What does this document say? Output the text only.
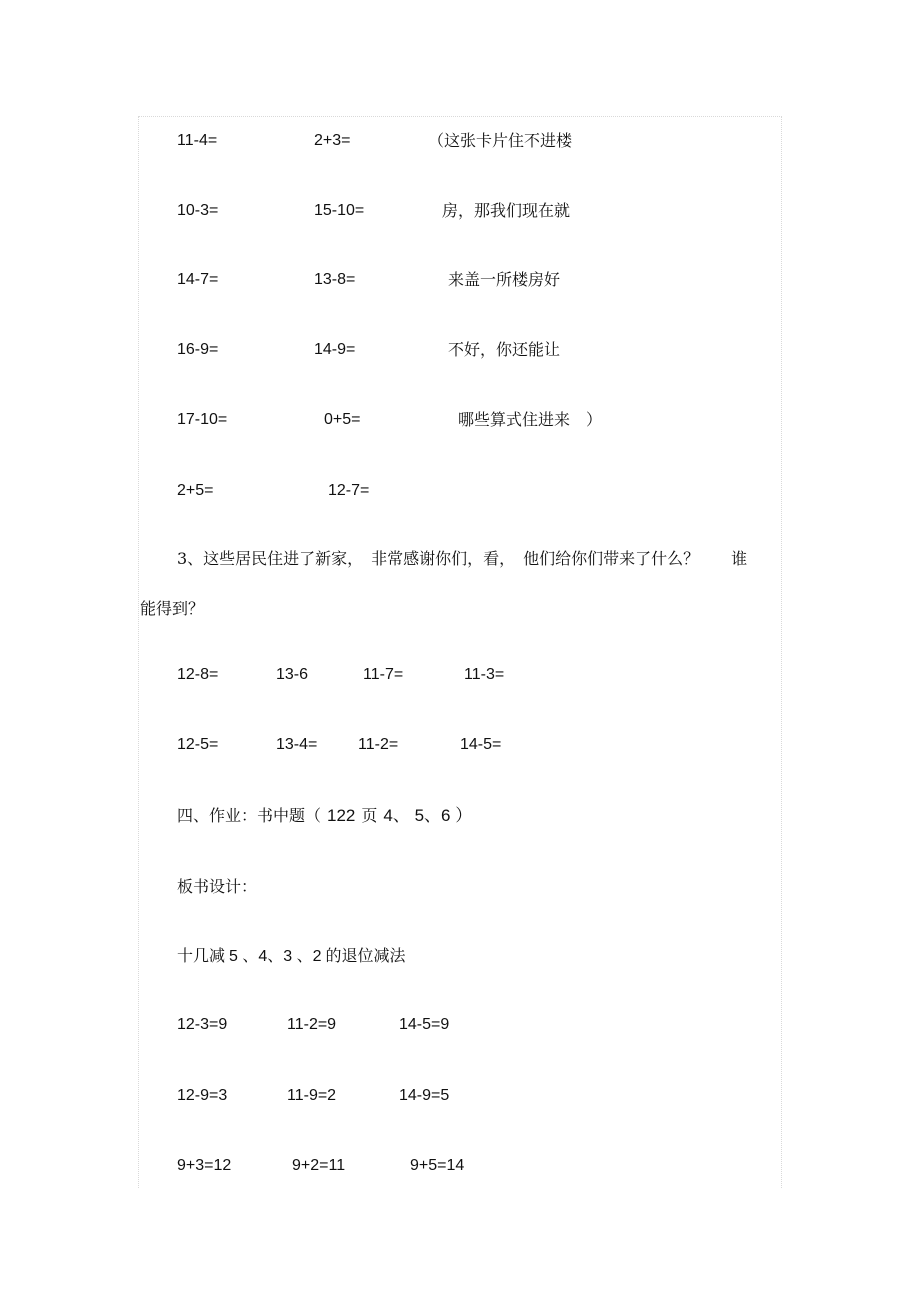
11-4=	2+3=	（这张卡片住不进楼
10-3=	15-10=	房，那我们现在就
14-7=	13-8=	来盖一所楼房好
16-9=	14-9=	不好，你还能让
17-10=	0+5=	哪些算式住进来　）
2+5=	12-7=
3、这些居民住进了新家，　非常感谢你们，看，　他们给你们带来了什么？　　谁
能得到？
12-8=	13-6	11-7=	11-3=
12-5=	13-4=	11-2=	14-5=
四、作业：书中题（ 122 页 4、 5、6 ）
板书设计：
十几减 5 、4、3 、2 的退位减法
12-3=9	11-2=9	14-5=9
12-9=3	11-9=2	14-9=5
9+3=12	9+2=11	9+5=14
